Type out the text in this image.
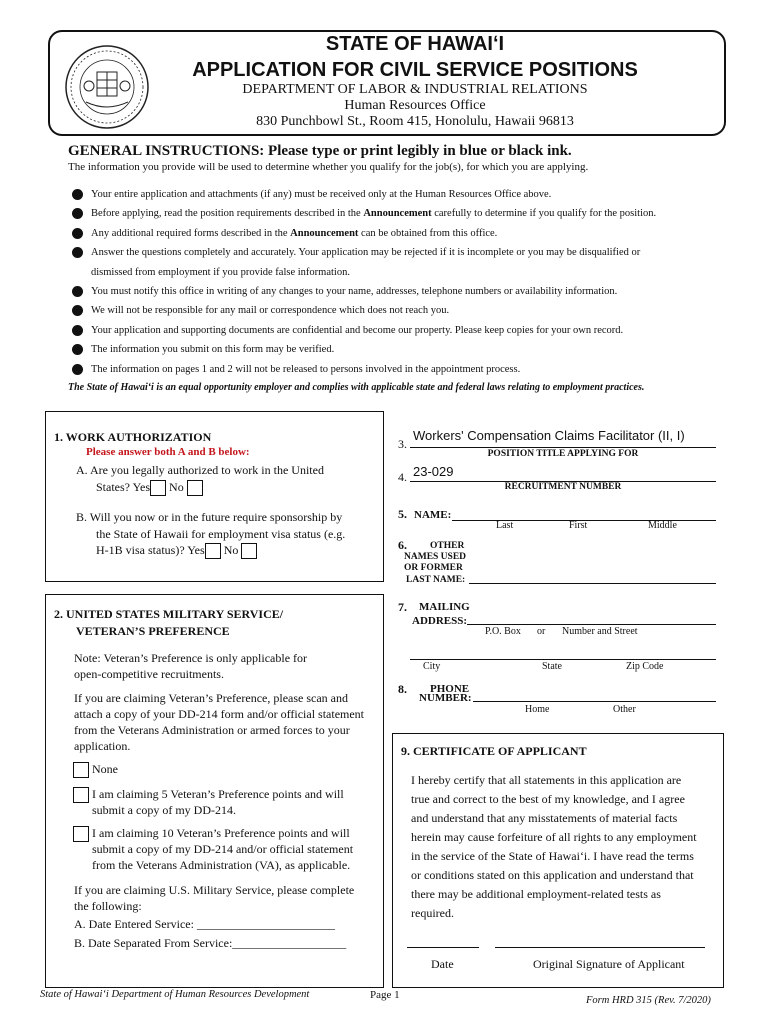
STATE OF HAWAIʻI
APPLICATION FOR CIVIL SERVICE POSITIONS
DEPARTMENT OF LABOR & INDUSTRIAL RELATIONS
Human Resources Office
830 Punchbowl St., Room 415, Honolulu, Hawaii 96813
GENERAL INSTRUCTIONS: Please type or print legibly in blue or black ink.
The information you provide will be used to determine whether you qualify for the job(s), for which you are applying.
Your entire application and attachments (if any) must be received only at the Human Resources Office above.
Before applying, read the position requirements described in the Announcement carefully to determine if you qualify for the position.
Any additional required forms described in the Announcement can be obtained from this office.
Answer the questions completely and accurately. Your application may be rejected if it is incomplete or you may be disqualified or
dismissed from employment if you provide false information.
You must notify this office in writing of any changes to your name, addresses, telephone numbers or availability information.
We will not be responsible for any mail or correspondence which does not reach you.
Your application and supporting documents are confidential and become our property. Please keep copies for your own record.
The information you submit on this form may be verified.
The information on pages 1 and 2 will not be released to persons involved in the appointment process.
The State of Hawaiʻi is an equal opportunity employer and complies with applicable state and federal laws relating to employment practices.
1. WORK AUTHORIZATION
Please answer both A and B below:
A. Are you legally authorized to work in the United
States? Yes No
B. Will you now or in the future require sponsorship by
the State of Hawaii for employment visa status (e.g.
H-1B visa status)? Yes No
2. UNITED STATES MILITARY SERVICE/
VETERAN’S PREFERENCE
Note: Veteran’s Preference is only applicable for
open-competitive recruitments.
If you are claiming Veteran’s Preference, please scan and
attach a copy of your DD-214 form and/or official statement
from the Veterans Administration or armed forces to your
application.
None
I am claiming 5 Veteran’s Preference points and will
submit a copy of my DD-214.
I am claiming 10 Veteran’s Preference points and will
submit a copy of my DD-214 and/or official statement
from the Veterans Administration (VA), as applicable.
If you are claiming U.S. Military Service, please complete
the following:
A. Date Entered Service: _______________________
B. Date Separated From Service:___________________
3.
Workers' Compensation Claims Facilitator (II, I)
POSITION TITLE APPLYING FOR
4. 23-029
RECRUITMENT NUMBER
5. NAME:
Last	First	Middle
6. OTHER
NAMES USED
OR FORMER
LAST NAME:
7. MAILING
ADDRESS:
P.O. Box or Number and Street
City	State	Zip Code
8. PHONE
NUMBER:
Home	Other
9. CERTIFICATE OF APPLICANT
I hereby certify that all statements in this application are
true and correct to the best of my knowledge, and I agree
and understand that any misstatements of material facts
herein may cause forfeiture of all rights to any employment
in the service of the State of Hawaiʻi. I have read the terms
or conditions stated on this application and understand that
there may be additional employment-related tests as
required.
Date	Original Signature of Applicant
State of Hawaiʻi Department of Human Resources Development	Page 1	Form HRD 315 (Rev. 7/2020)
